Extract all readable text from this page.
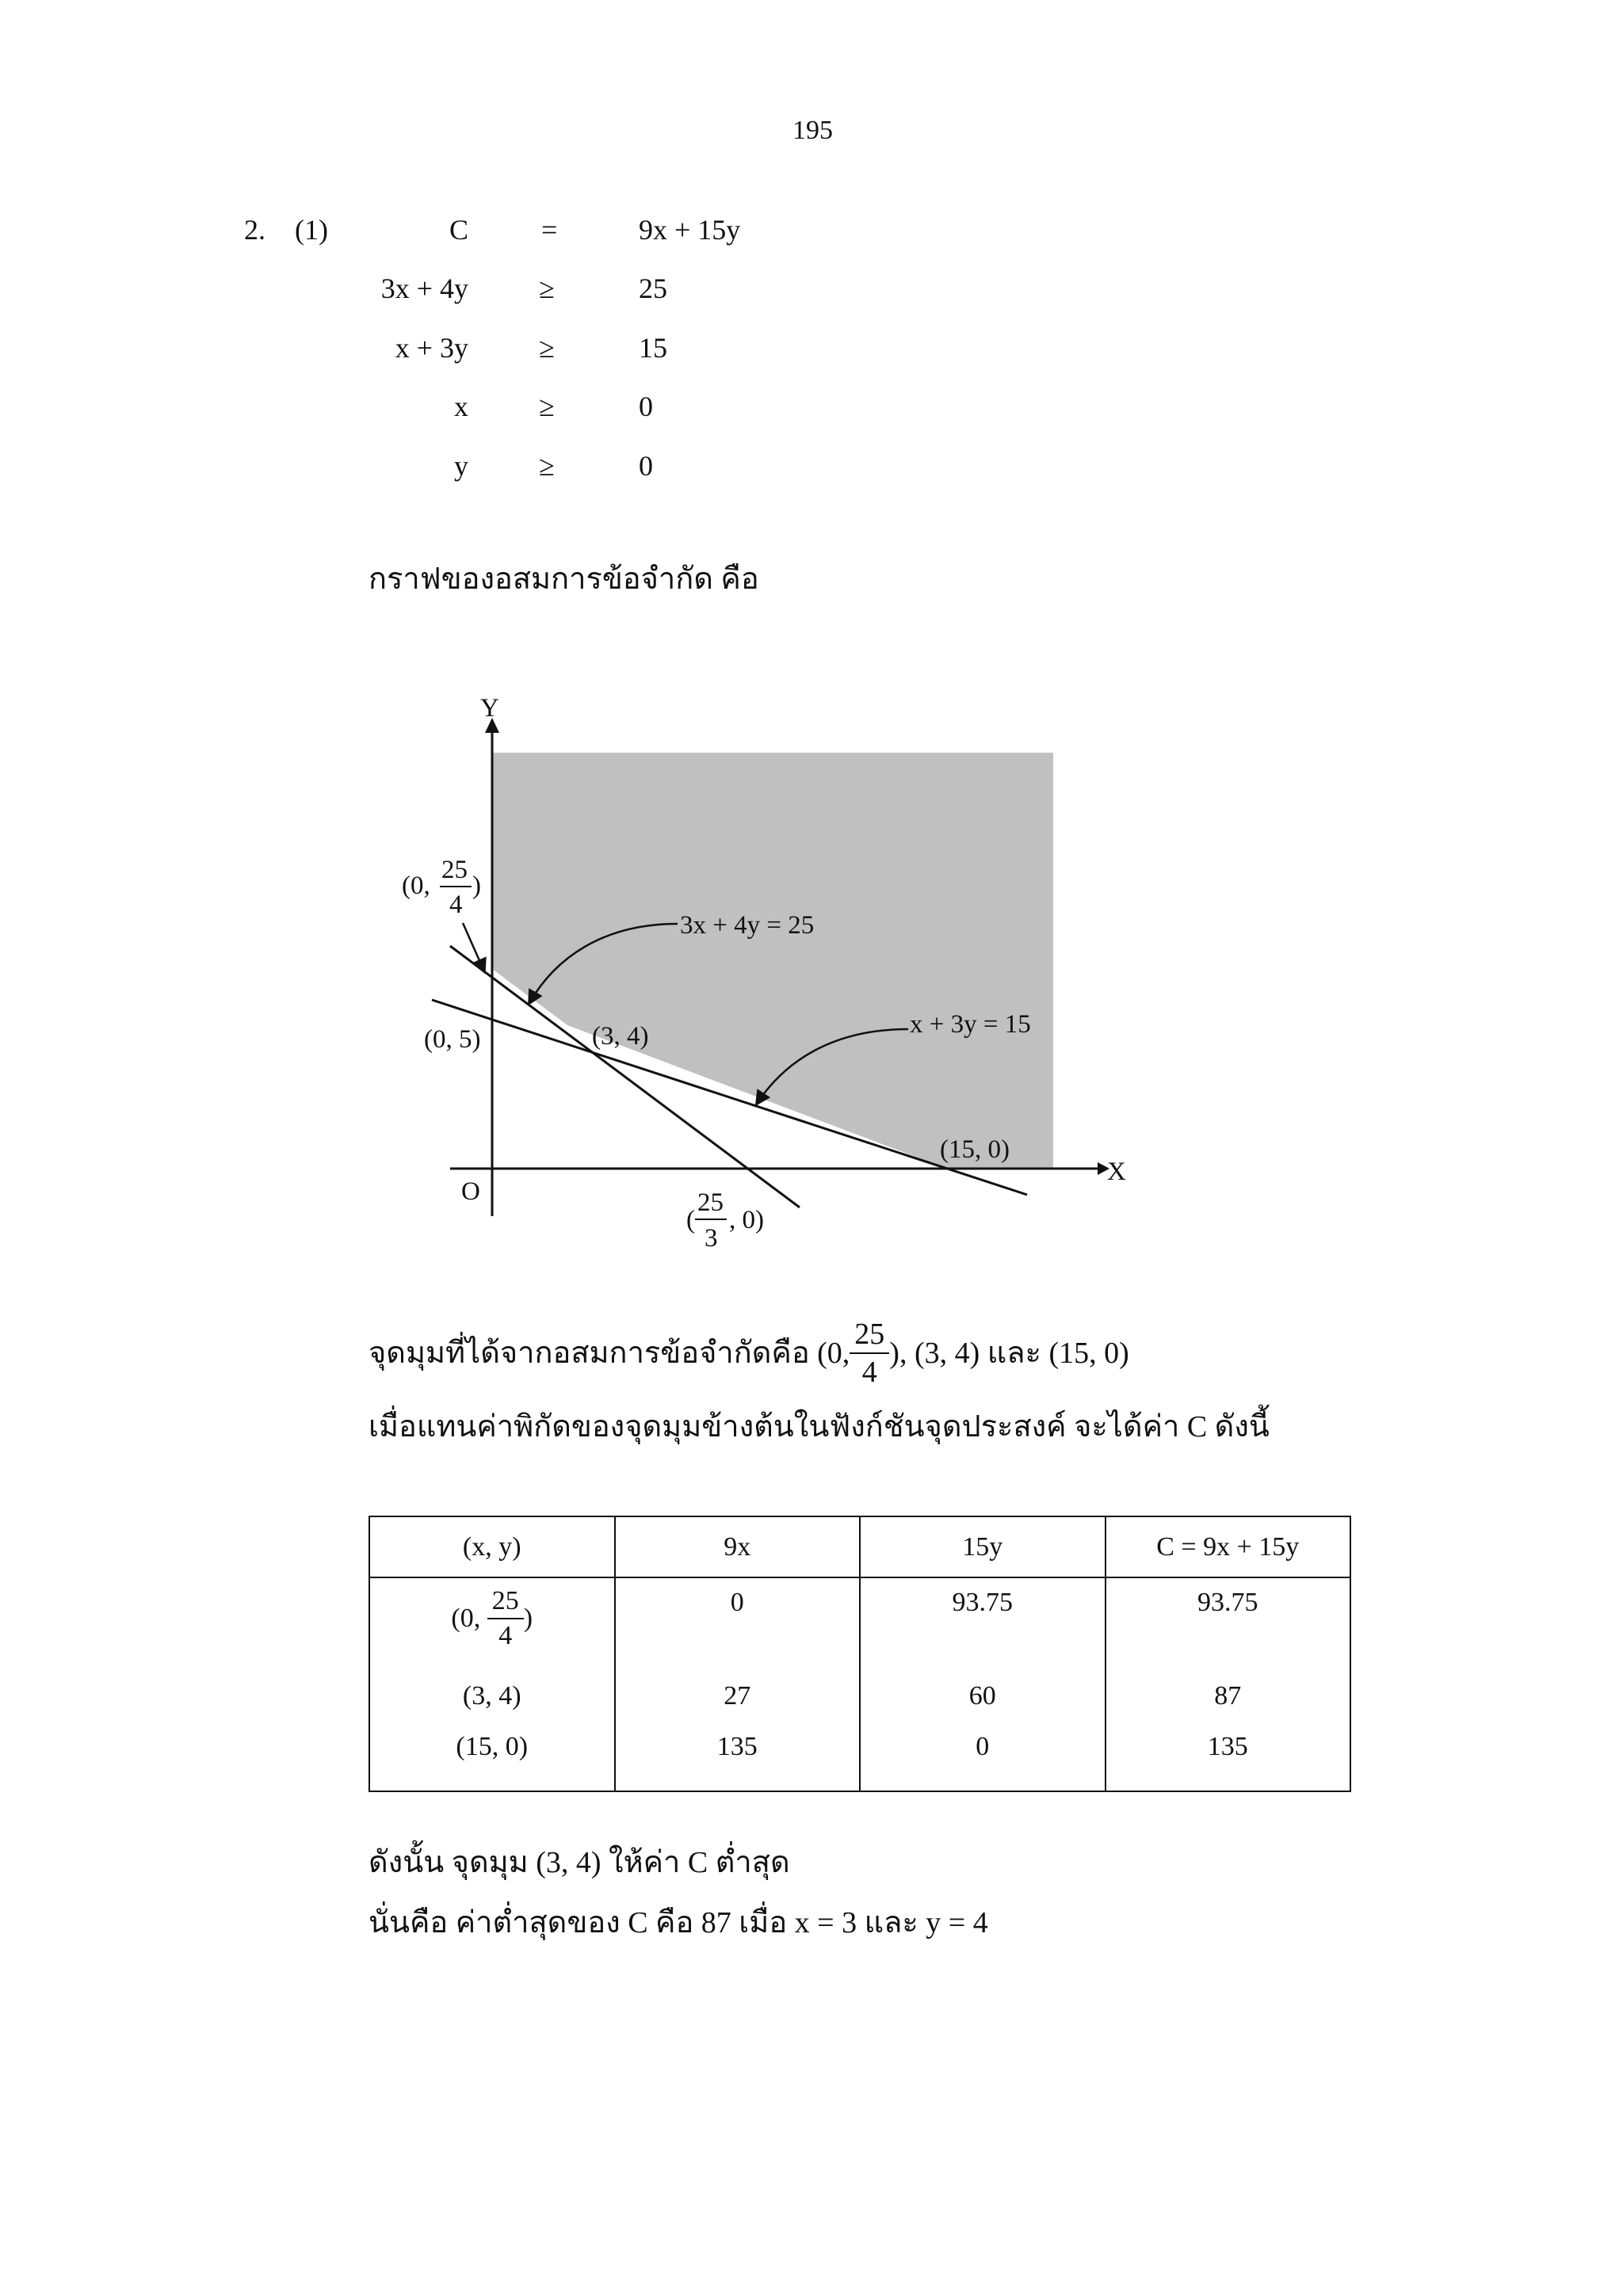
195
2. (1)	C	=	9x + 15y
3x + 4y ≥	25
x + 3y ≥	15
x ≥	0
y ≥	0
กราฟของอสมการข้อจำกัด คือ
Y
X
O
3x + 4y = 25
x + 3y = 15
(0, 5)	(3, 4)
(15, 0)
(0,
25
4
)
(
25
3
, 0)
จุดมุมที่ได้จากอสมการข้อจำกัดคือ (0, $\frac{25}{4}$ ), (3, 4) และ (15, 0)
เมื่อแทนค่าพิกัดของจุดมุมข้างต้นในฟังก์ชันจุดประสงค์ จะได้ค่า C ดังนี้
(x, y)	9x	15y	C = 9x + 15y
(0, $\frac{25}{4}$ )	0	93.75	93.75
(3, 4)	27	60	87
(15, 0)	135	0	135
ดังนั้น จุดมุม (3, 4) ให้ค่า C ต่ำสุด
นั่นคือ ค่าต่ำสุดของ C คือ 87 เมื่อ x = 3 และ y = 4
